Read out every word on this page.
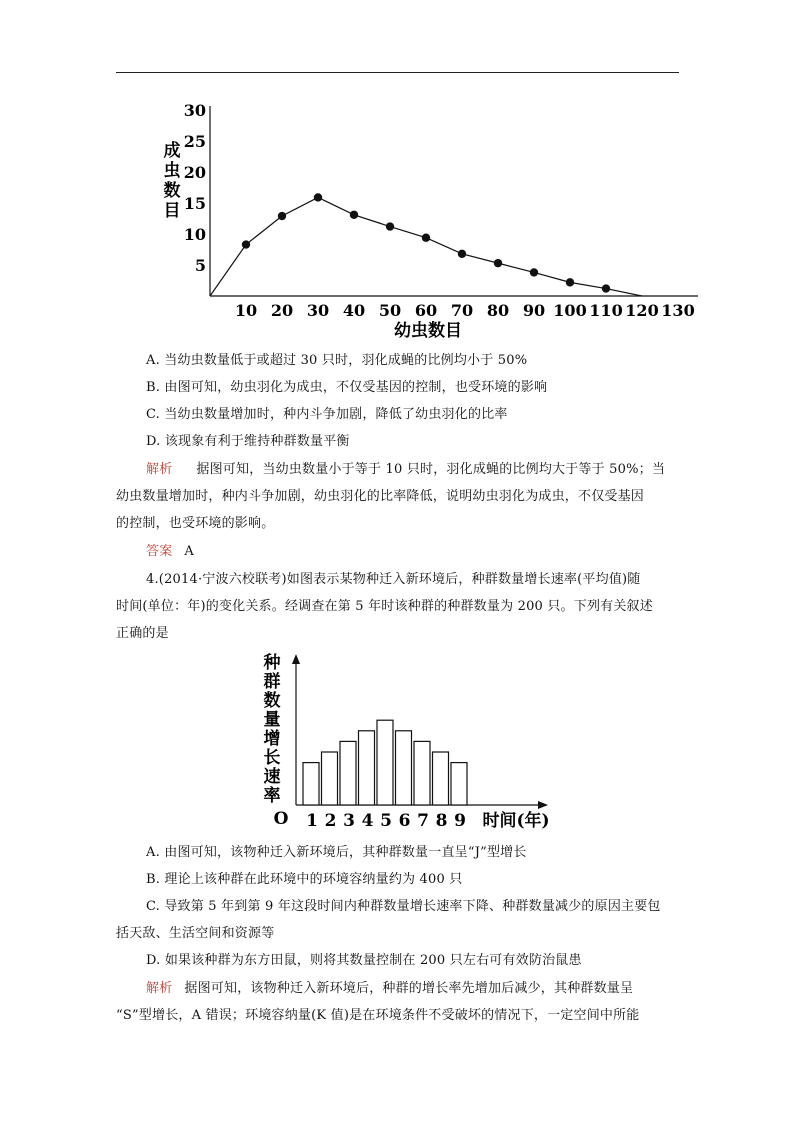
成虫数目
幼虫数目
5
10
15
20
25
30
10 20 30 40 50 60 70 80 90 100 110 120 130
A. 当幼虫数量低于或超过 30 只时，羽化成蝇的比例均小于 50%
B. 由图可知，幼虫羽化为成虫，不仅受基因的控制，也受环境的影响
C. 当幼虫数量增加时，种内斗争加剧，降低了幼虫羽化的比率
D. 该现象有利于维持种群数量平衡
解析 据图可知，当幼虫数量小于等于 10 只时，羽化成蝇的比例均大于等于 50%；当
幼虫数量增加时，种内斗争加剧，幼虫羽化的比率降低，说明幼虫羽化为成虫，不仅受基因
的控制，也受环境的影响。
答案 A
4.(2014·宁波六校联考)如图表示某物种迁入新环境后，种群数量增长速率(平均值)随
时间(单位：年)的变化关系。经调查在第 5 年时该种群的种群数量为 200 只。下列有关叙述
正确的是
O	时间(年)
种群数量增长速率
1 2 3 4 5 6 7 8 9
A. 由图可知，该物种迁入新环境后，其种群数量一直呈“J”型增长
B. 理论上该种群在此环境中的环境容纳量约为 400 只
C. 导致第 5 年到第 9 年这段时间内种群数量增长速率下降、种群数量减少的原因主要包
括天敌、生活空间和资源等
D. 如果该种群为东方田鼠，则将其数量控制在 200 只左右可有效防治鼠患
解析 据图可知，该物种迁入新环境后，种群的增长率先增加后减少，其种群数量呈
“S”型增长，A 错误；环境容纳量(K 值)是在环境条件不受破坏的情况下，一定空间中所能
